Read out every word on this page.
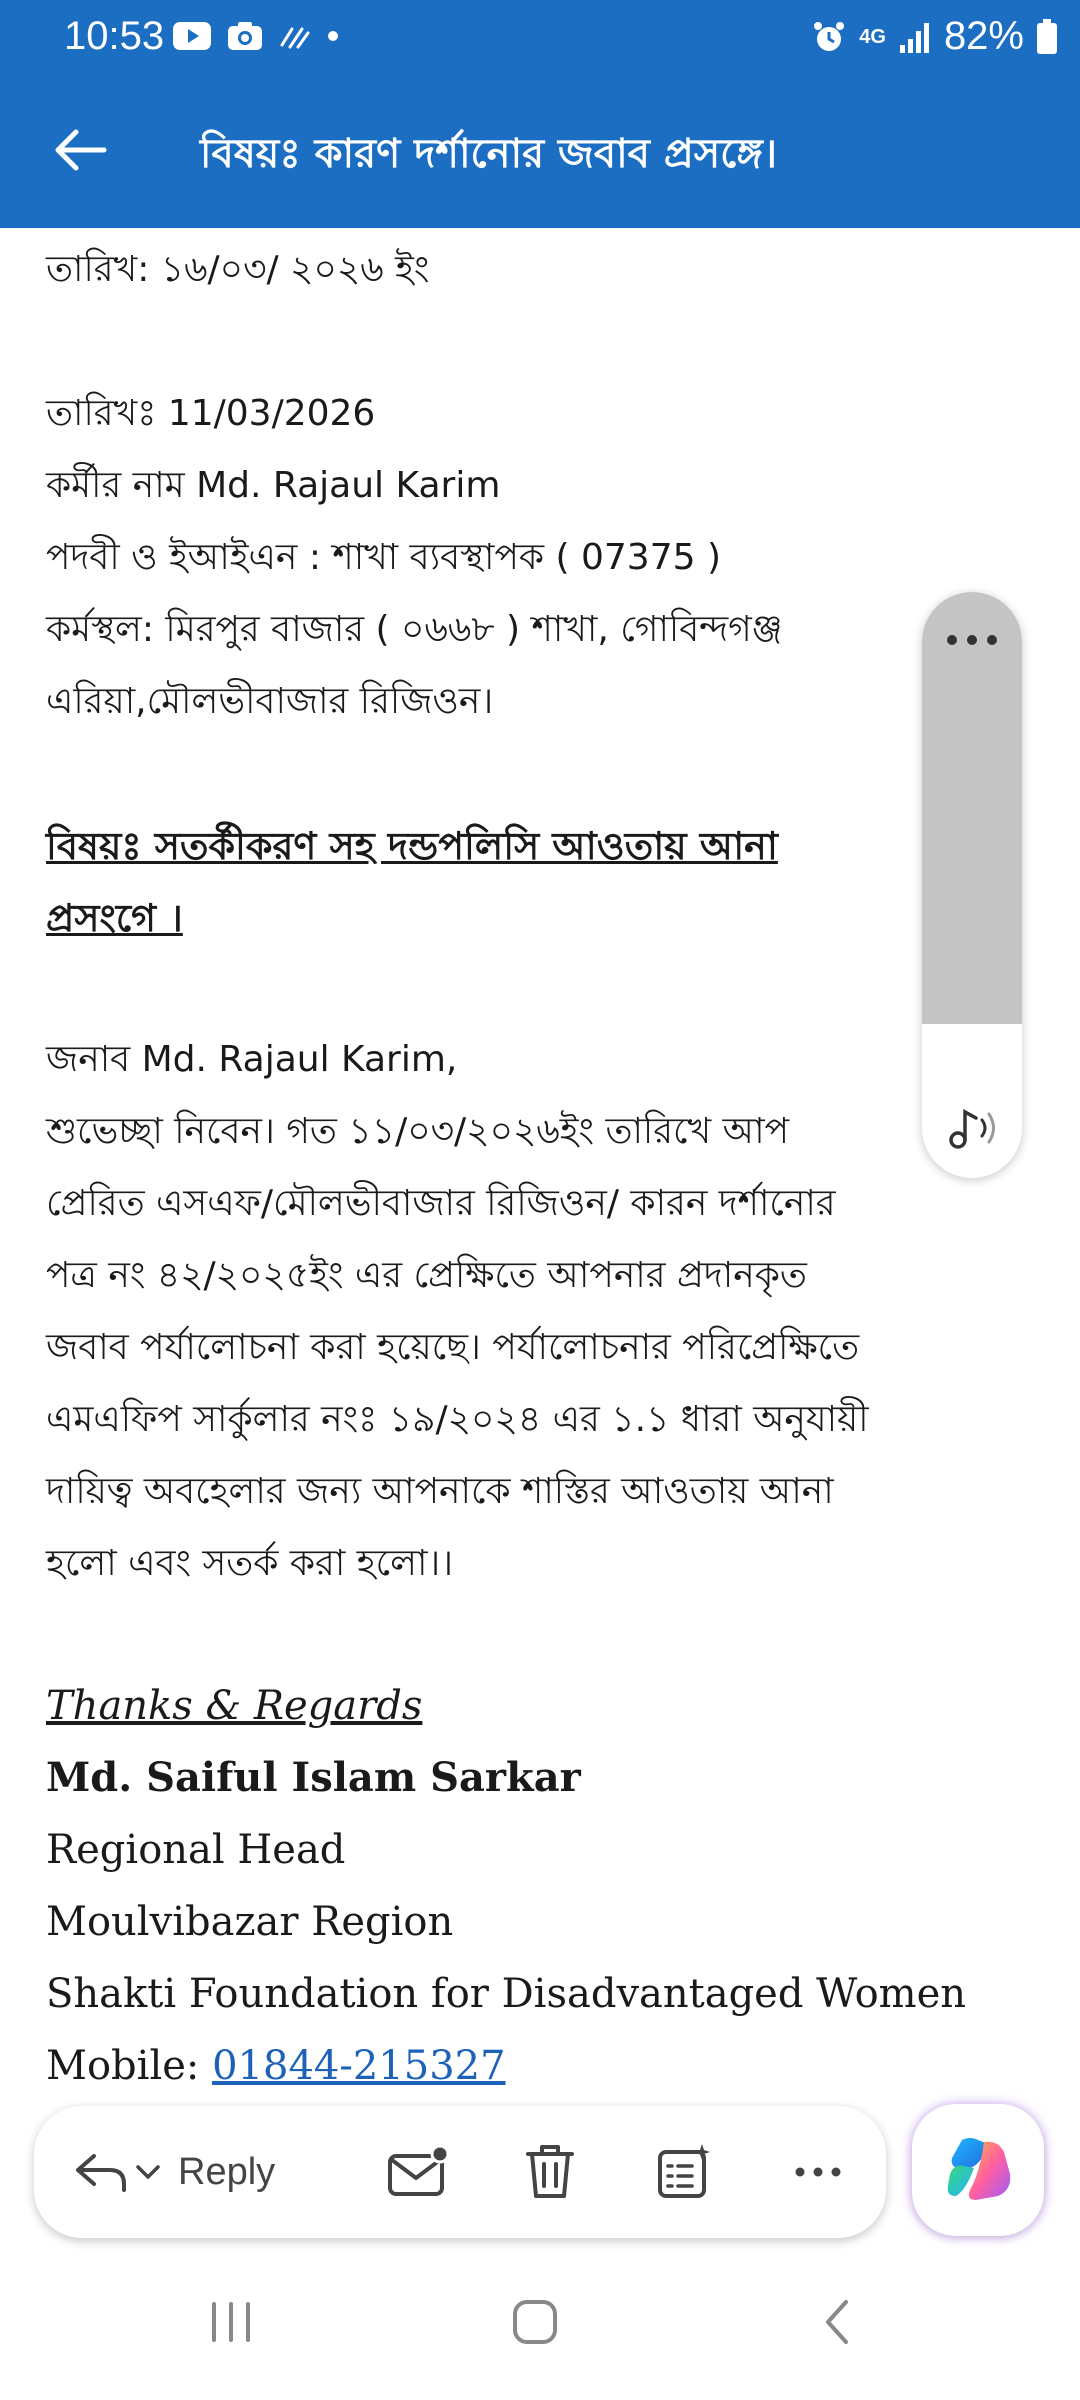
10:53	4G 82%
বিষয়ঃ কারণ দর্শানোর জবাব প্রসঙ্গে।
তারিখ: ১৬/০৩/ ২০২৬ ইং
তারিখঃ 11/03/2026
কর্মীর নাম Md. Rajaul Karim
পদবী ও ইআইএন : শাখা ব্যবস্থাপক ( 07375 )
কর্মস্থল: মিরপুর বাজার ( ০৬৬৮ ) শাখা, গোবিন্দগঞ্জ
এরিয়া,মৌলভীবাজার রিজিওন।
বিষয়ঃ সতর্কীকরণ সহ দন্ডপলিসি আওতায় আনা
প্রসংগে ।
জনাব Md. Rajaul Karim,
শুভেচ্ছা নিবেন। গত ১১/০৩/২০২৬ইং তারিখে আপ
প্রেরিত এসএফ/মৌলভীবাজার রিজিওন/ কারন দর্শানোর
পত্র নং ৪২/২০২৫ইং এর প্রেক্ষিতে আপনার প্রদানকৃত
জবাব পর্যালোচনা করা হয়েছে। পর্যালোচনার পরিপ্রেক্ষিতে
এমএফিপ সার্কুলার নংঃ ১৯/২০২৪ এর ১.১ ধারা অনুযায়ী
দায়িত্ব অবহেলার জন্য আপনাকে শাস্তির আওতায় আনা
হলো এবং সতর্ক করা হলো।।
Thanks & Regards
Md. Saiful Islam Sarkar
Regional Head
Moulvibazar Region
Shakti Foundation for Disadvantaged Women
Mobile: 01844-215327
Reply
